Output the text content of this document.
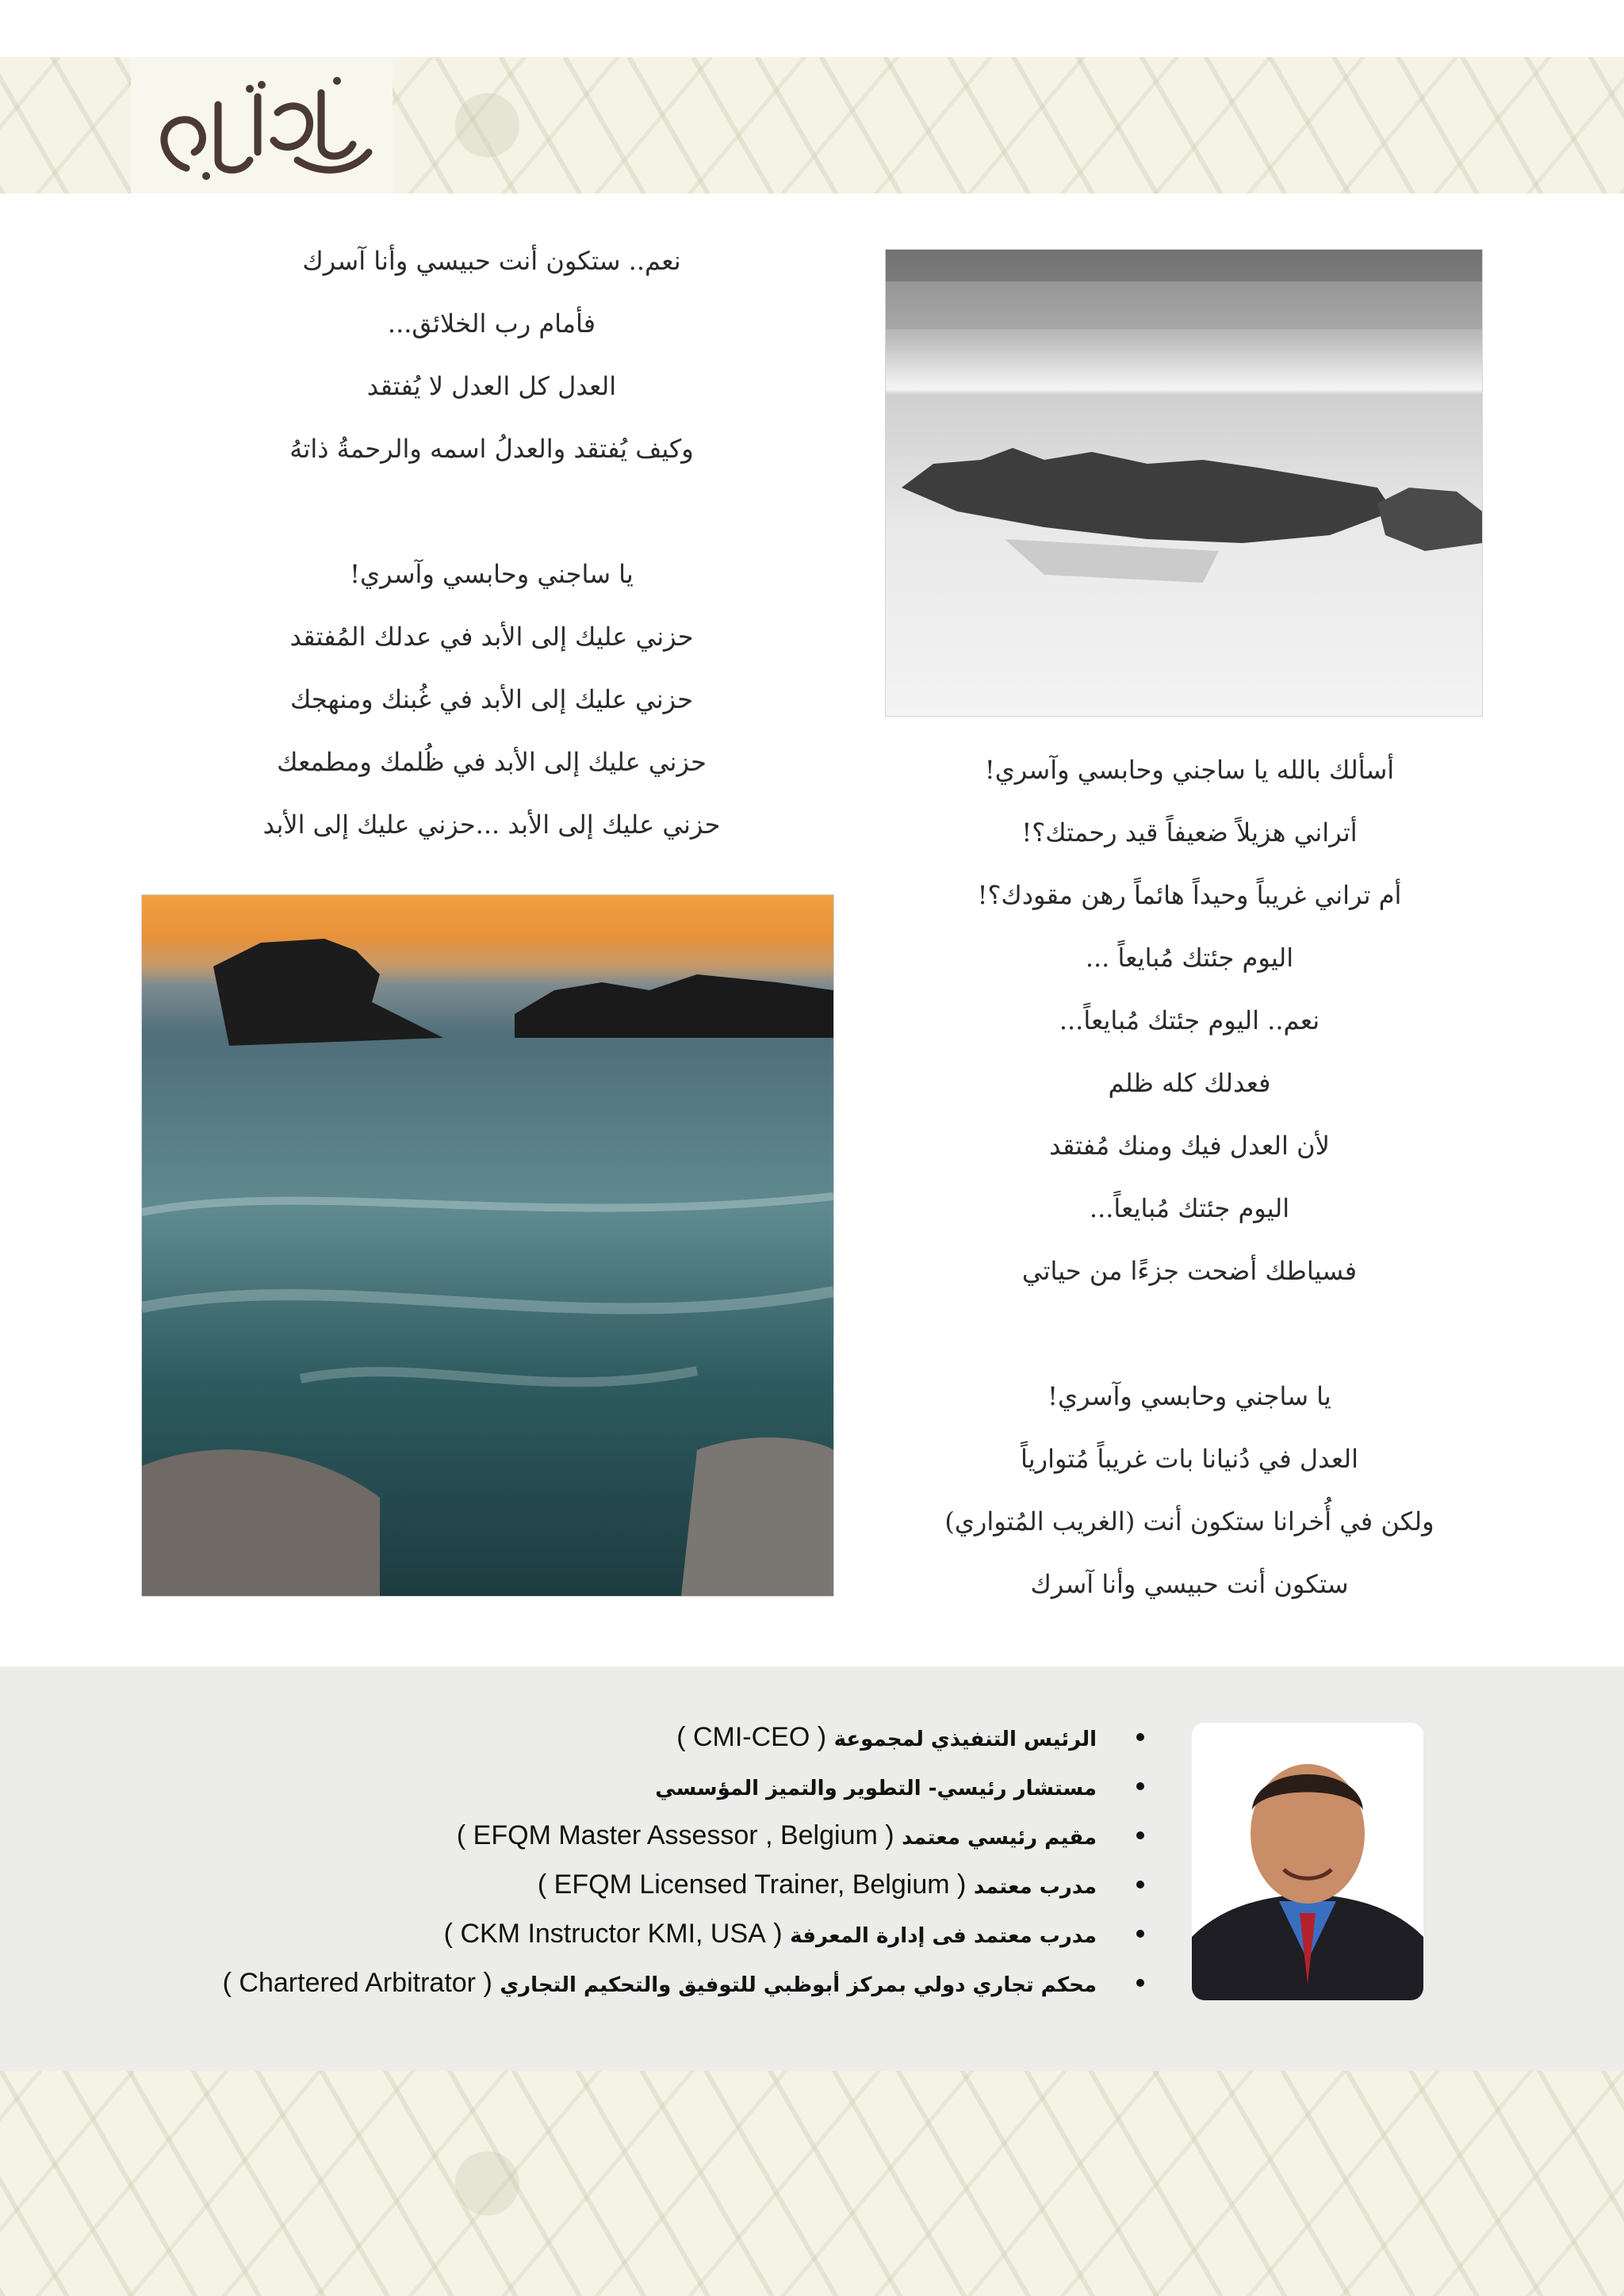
نعم.. ستكون أنت حبيسي وأنا آسرك
فأمام رب الخلائق...
العدل كل العدل لا يُفتقد
وكيف يُفتقد والعدلُ اسمه والرحمةُ ذاتهُ
يا ساجني وحابسي وآسري!
حزني عليك إلى الأبد في عدلك المُفتقد
حزني عليك إلى الأبد في غُبنك ومنهجك
حزني عليك إلى الأبد في ظُلمك ومطمعك
حزني عليك إلى الأبد ...حزني عليك إلى الأبد
أسألك بالله يا ساجني وحابسي وآسري!
أتراني هزيلاً ضعيفاً قيد رحمتك؟!
أم تراني غريباً وحيداً هائماً رهن مقودك؟!
اليوم جئتك مُبايعاً ...
نعم.. اليوم جئتك مُبايعاً...
فعدلك كله ظلم
لأن العدل فيك ومنك مُفتقد
اليوم جئتك مُبايعاً...
فسياطك أضحت جزءًا من حياتي
يا ساجني وحابسي وآسري!
العدل في دُنيانا بات غريباً مُتوارياً
ولكن في أُخرانا ستكون أنت (الغريب المُتواري)
ستكون أنت حبيسي وأنا آسرك
الرئيس التنفيذي لمجموعة ( CMI-CEO )
مستشار رئيسي- التطوير والتميز المؤسسي
مقيم رئيسي معتمد ( EFQM Master Assessor , Belgium )
مدرب معتمد ( EFQM Licensed Trainer, Belgium )
مدرب معتمد فى إدارة المعرفة ( CKM Instructor KMI, USA )
محكم تجاري دولي بمركز أبوظبي للتوفيق والتحكيم التجاري ( Chartered Arbitrator )
